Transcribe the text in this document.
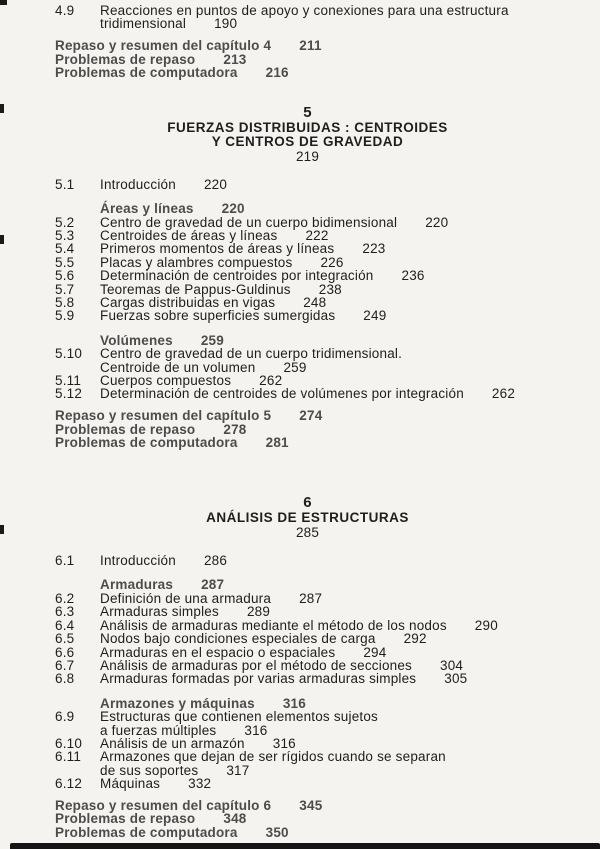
4.9	Reacciones en puntos de apoyo y conexiones para una estructura
tridimensional 190
Repaso y resumen del capítulo 4 211
Problemas de repaso 213
Problemas de computadora 216
5
FUERZAS DISTRIBUIDAS : CENTROIDES
Y CENTROS DE GRAVEDAD
219
5.1	Introducción 220
Áreas y líneas 220
5.2	Centro de gravedad de un cuerpo bidimensional 220
5.3	Centroides de áreas y líneas 222
5.4	Primeros momentos de áreas y líneas 223
5.5	Placas y alambres compuestos 226
5.6	Determinación de centroides por integración 236
5.7	Teoremas de Pappus-Guldinus 238
5.8	Cargas distribuidas en vigas 248
5.9	Fuerzas sobre superficies sumergidas 249
Volúmenes 259
5.10	Centro de gravedad de un cuerpo tridimensional.
Centroide de un volumen 259
5.11	Cuerpos compuestos 262
5.12	Determinación de centroides de volúmenes por integración 262
Repaso y resumen del capítulo 5 274
Problemas de repaso 278
Problemas de computadora 281
6
ANÁLISIS DE ESTRUCTURAS
285
6.1	Introducción 286
Armaduras 287
6.2	Definición de una armadura 287
6.3	Armaduras simples 289
6.4	Análisis de armaduras mediante el método de los nodos 290
6.5	Nodos bajo condiciones especiales de carga 292
6.6	Armaduras en el espacio o espaciales 294
6.7	Análisis de armaduras por el método de secciones 304
6.8	Armaduras formadas por varias armaduras simples 305
Armazones y máquinas 316
6.9	Estructuras que contienen elementos sujetos
a fuerzas múltiples 316
6.10	Análisis de un armazón 316
6.11	Armazones que dejan de ser rígidos cuando se separan
de sus soportes 317
6.12	Máquinas 332
Repaso y resumen del capítulo 6 345
Problemas de repaso 348
Problemas de computadora 350
